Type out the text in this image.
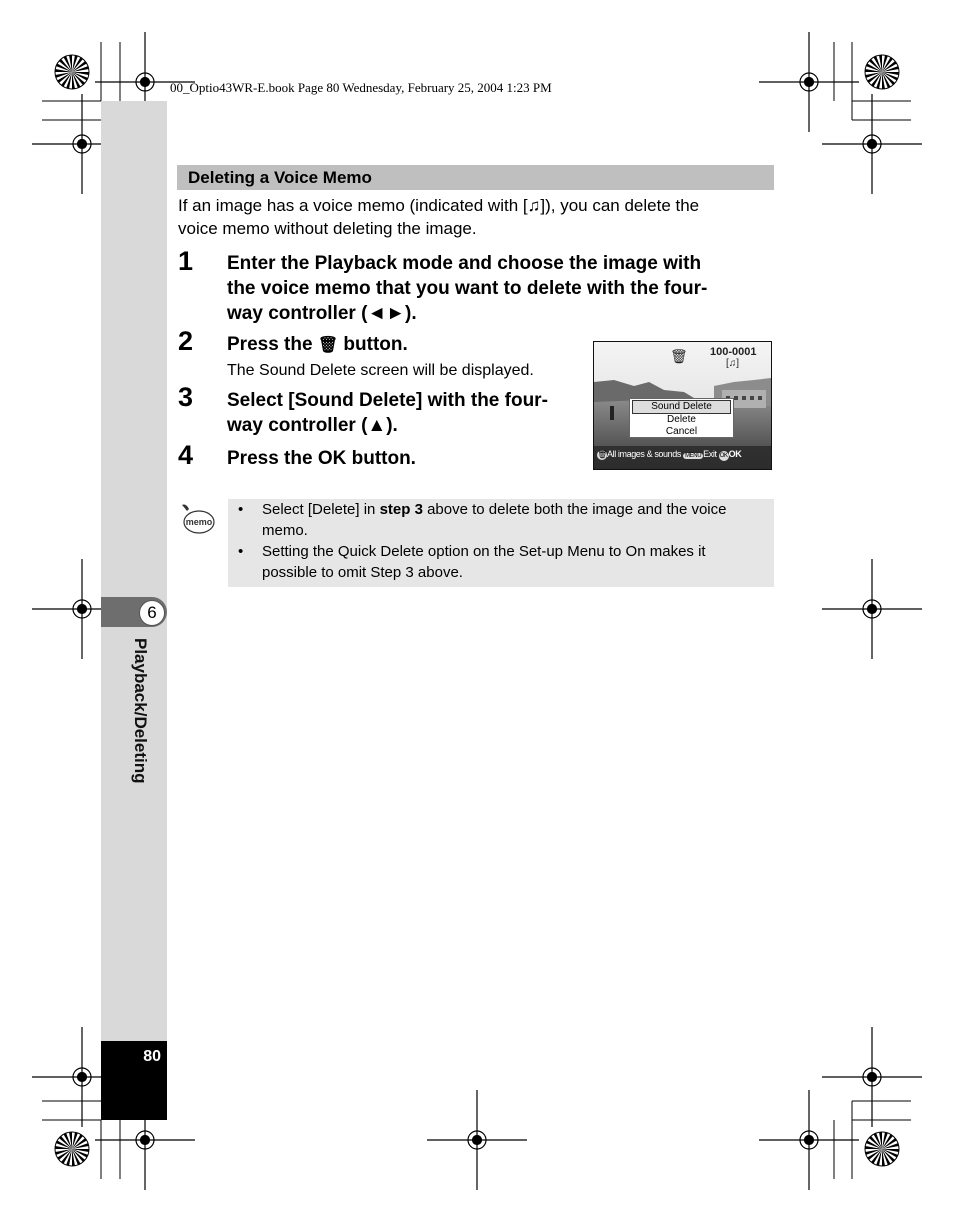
6
Playback/Deleting
80
00_Optio43WR-E.book Page 80 Wednesday, February 25, 2004 1:23 PM
Deleting a Voice Memo
If an image has a voice memo (indicated with [♫]), you can delete the
voice memo without deleting the image.
1 Enter the Playback mode and choose the image with
the voice memo that you want to delete with the four-
way controller (◄►).
2 Press the 🗑 button.
The Sound Delete screen will be displayed.
3 Select [Sound Delete] with the four-
way controller (▲).
4 Press the OK button.
🗑 100-0001
[♫]
Sound Delete
Delete
Cancel
🗑All images & sounds MENU Exit OKOK
memo
• Select [Delete] in step 3 above to delete both the image and the voice
memo.
• Setting the Quick Delete option on the Set-up Menu to On makes it
possible to omit Step 3 above.
